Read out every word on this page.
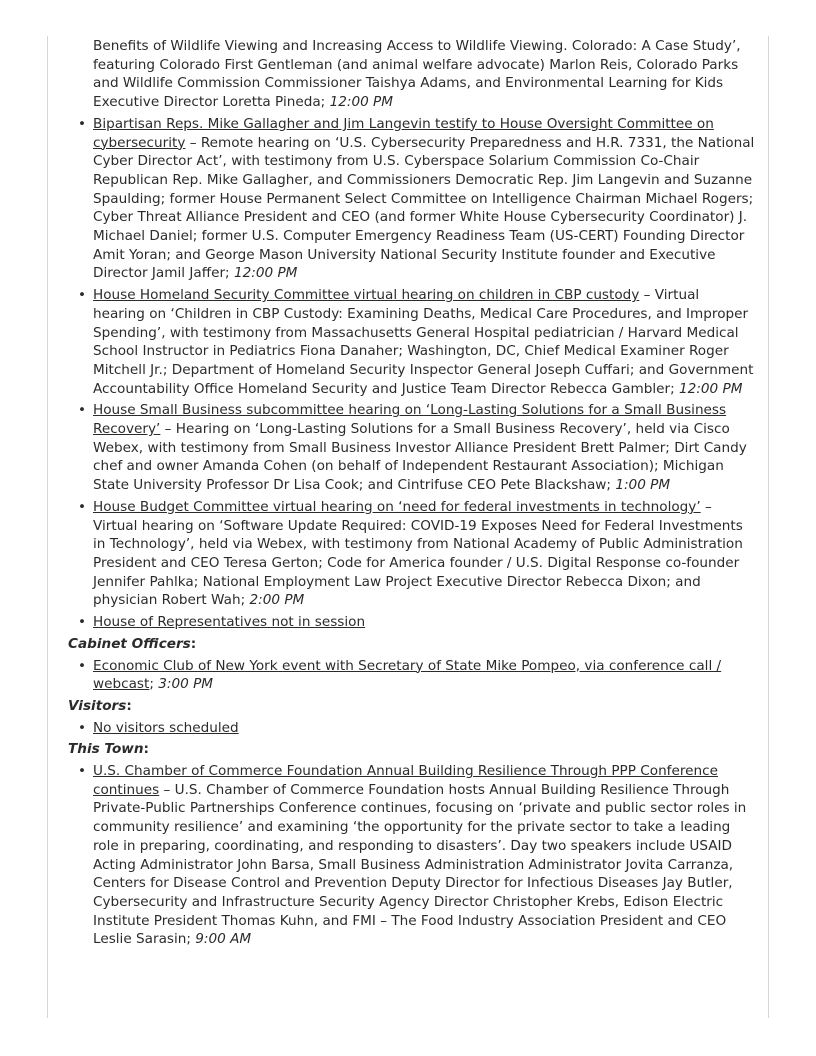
Benefits of Wildlife Viewing and Increasing Access to Wildlife Viewing. Colorado: A Case Study’, featuring Colorado First Gentleman (and animal welfare advocate) Marlon Reis, Colorado Parks and Wildlife Commission Commissioner Taishya Adams, and Environmental Learning for Kids Executive Director Loretta Pineda; 12:00 PM
• Bipartisan Reps. Mike Gallagher and Jim Langevin testify to House Oversight Committee on cybersecurity – Remote hearing on ‘U.S. Cybersecurity Preparedness and H.R. 7331, the National Cyber Director Act’, with testimony from U.S. Cyberspace Solarium Commission Co-Chair Republican Rep. Mike Gallagher, and Commissioners Democratic Rep. Jim Langevin and Suzanne Spaulding; former House Permanent Select Committee on Intelligence Chairman Michael Rogers; Cyber Threat Alliance President and CEO (and former White House Cybersecurity Coordinator) J. Michael Daniel; former U.S. Computer Emergency Readiness Team (US-CERT) Founding Director Amit Yoran; and George Mason University National Security Institute founder and Executive Director Jamil Jaffer; 12:00 PM
• House Homeland Security Committee virtual hearing on children in CBP custody – Virtual hearing on ‘Children in CBP Custody: Examining Deaths, Medical Care Procedures, and Improper Spending’, with testimony from Massachusetts General Hospital pediatrician / Harvard Medical School Instructor in Pediatrics Fiona Danaher; Washington, DC, Chief Medical Examiner Roger Mitchell Jr.; Department of Homeland Security Inspector General Joseph Cuffari; and Government Accountability Office Homeland Security and Justice Team Director Rebecca Gambler; 12:00 PM
• House Small Business subcommittee hearing on ‘Long-Lasting Solutions for a Small Business Recovery’ – Hearing on ‘Long-Lasting Solutions for a Small Business Recovery’, held via Cisco Webex, with testimony from Small Business Investor Alliance President Brett Palmer; Dirt Candy chef and owner Amanda Cohen (on behalf of Independent Restaurant Association); Michigan State University Professor Dr Lisa Cook; and Cintrifuse CEO Pete Blackshaw; 1:00 PM
• House Budget Committee virtual hearing on ‘need for federal investments in technology’ – Virtual hearing on ‘Software Update Required: COVID-19 Exposes Need for Federal Investments in Technology’, held via Webex, with testimony from National Academy of Public Administration President and CEO Teresa Gerton; Code for America founder / U.S. Digital Response co-founder Jennifer Pahlka; National Employment Law Project Executive Director Rebecca Dixon; and physician Robert Wah; 2:00 PM
• House of Representatives not in session
Cabinet Officers:
• Economic Club of New York event with Secretary of State Mike Pompeo, via conference call / webcast; 3:00 PM
Visitors:
• No visitors scheduled
This Town:
• U.S. Chamber of Commerce Foundation Annual Building Resilience Through PPP Conference continues – U.S. Chamber of Commerce Foundation hosts Annual Building Resilience Through Private-Public Partnerships Conference continues, focusing on ‘private and public sector roles in community resilience’ and examining ‘the opportunity for the private sector to take a leading role in preparing, coordinating, and responding to disasters’. Day two speakers include USAID Acting Administrator John Barsa, Small Business Administration Administrator Jovita Carranza, Centers for Disease Control and Prevention Deputy Director for Infectious Diseases Jay Butler, Cybersecurity and Infrastructure Security Agency Director Christopher Krebs, Edison Electric Institute President Thomas Kuhn, and FMI – The Food Industry Association President and CEO Leslie Sarasin; 9:00 AM
